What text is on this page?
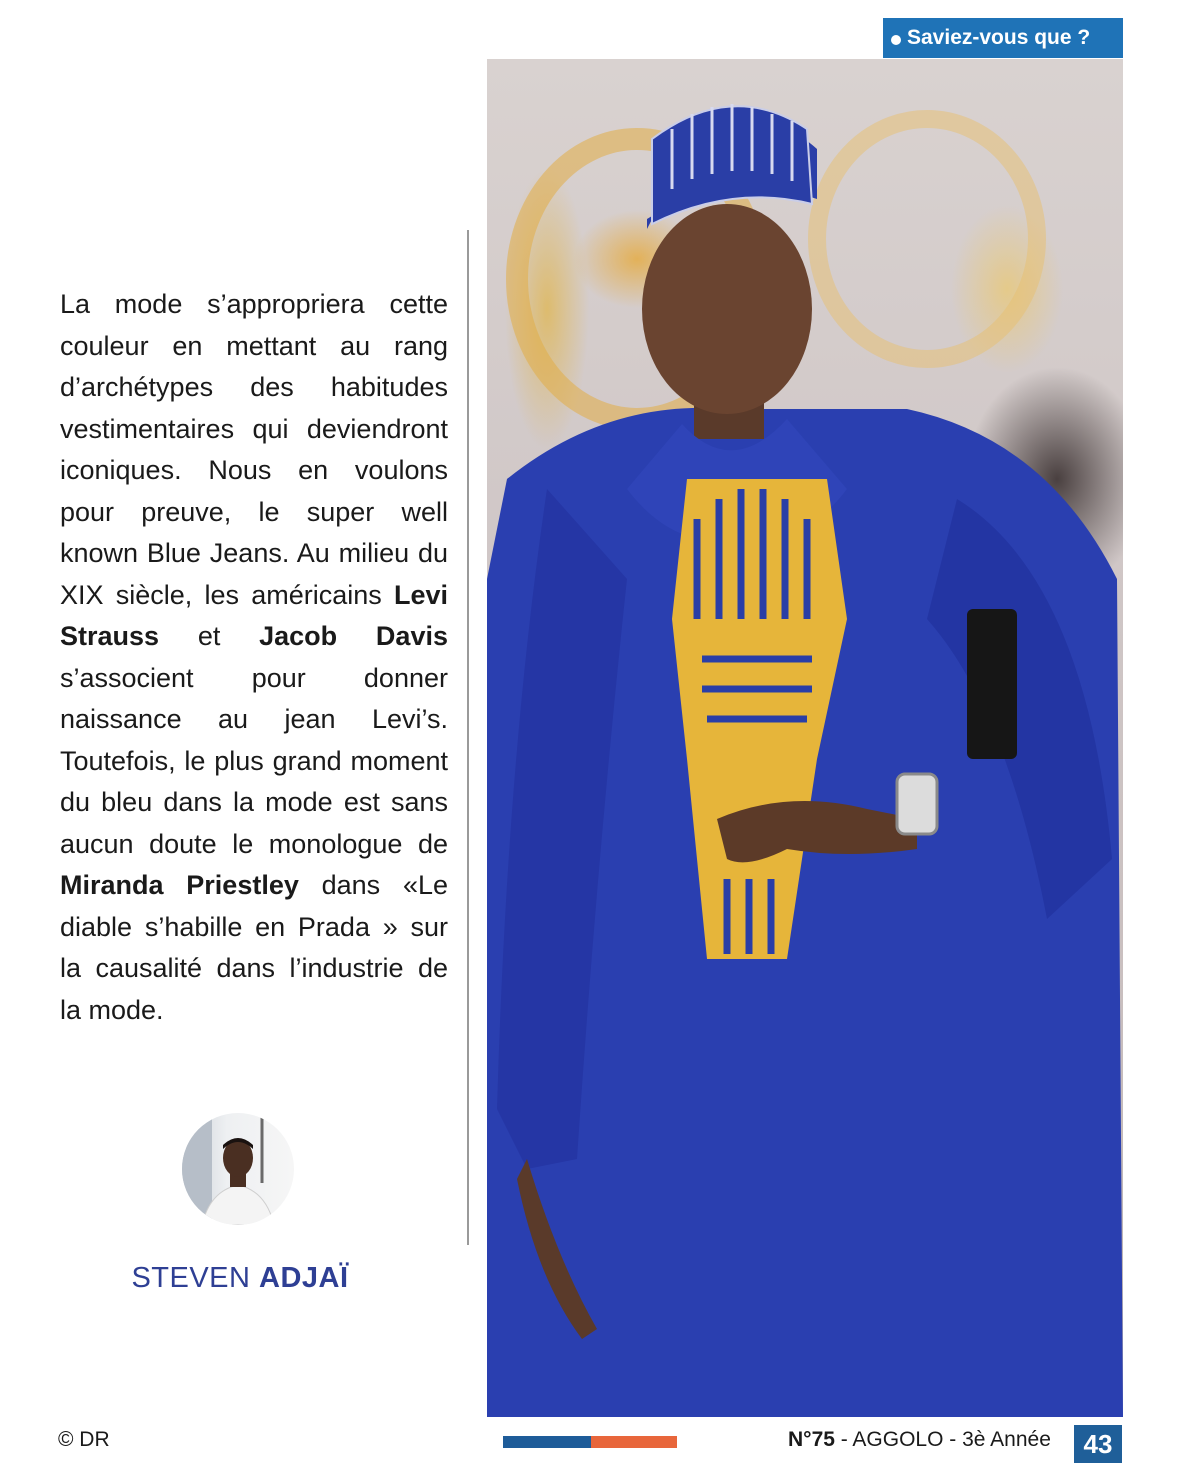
Saviez-vous que ?

La mode s’appropriera cette couleur en mettant au rang d’archétypes des habitudes vestimentaires qui deviendront iconiques. Nous en voulons pour preuve, le super well known Blue Jeans. Au milieu du XIX siècle, les américains Levi Strauss et Jacob Davis s’associent pour donner naissance au jean Levi’s. Toutefois, le plus grand moment du bleu dans la mode est sans aucun doute le monologue de Miranda Priestley dans «Le diable s’habille en Prada » sur la causalité dans l’industrie de la mode.

STEVEN ADJAÏ
© DR	N°75 - AGGOLO - 3è Année	43
